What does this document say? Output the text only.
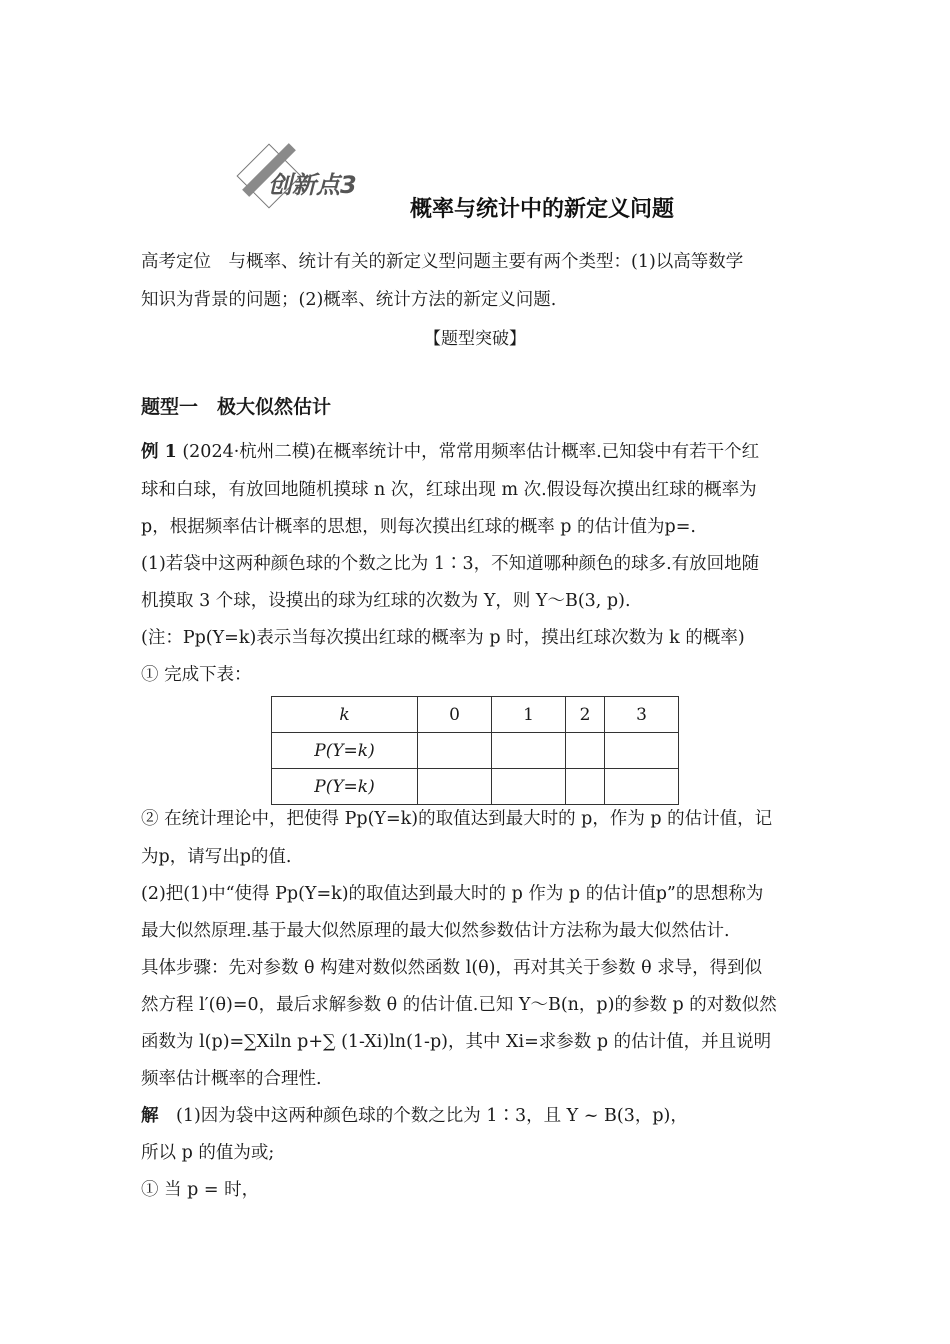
创新点3
概率与统计中的新定义问题
高考定位　与概率、统计有关的新定义型问题主要有两个类型：(1)以高等数学
知识为背景的问题；(2)概率、统计方法的新定义问题.
【题型突破】
题型一　极大似然估计
例 1 (2024·杭州二模)在概率统计中，常常用频率估计概率.已知袋中有若干个红
球和白球，有放回地随机摸球 n 次，红球出现 m 次.假设每次摸出红球的概率为
p，根据频率估计概率的思想，则每次摸出红球的概率 p 的估计值为p=.
(1)若袋中这两种颜色球的个数之比为 1∶3，不知道哪种颜色的球多.有放回地随
机摸取 3 个球，设摸出的球为红球的次数为 Y，则 Y～B(3, p).
(注：Pp(Y=k)表示当每次摸出红球的概率为 p 时，摸出红球次数为 k 的概率)
① 完成下表：
k	0	1	2	3
P(Y=k)				
P(Y=k)				
② 在统计理论中，把使得 Pp(Y=k)的取值达到最大时的 p，作为 p 的估计值，记
为p，请写出p的值.
(2)把(1)中“使得 Pp(Y=k)的取值达到最大时的 p 作为 p 的估计值p”的思想称为
最大似然原理.基于最大似然原理的最大似然参数估计方法称为最大似然估计.
具体步骤：先对参数 θ 构建对数似然函数 l(θ)，再对其关于参数 θ 求导，得到似
然方程 l′(θ)=0，最后求解参数 θ 的估计值.已知 Y～B(n，p)的参数 p 的对数似然
函数为 l(p)=∑Xiln p+∑ (1-Xi)ln(1-p)，其中 Xi=求参数 p 的估计值，并且说明
频率估计概率的合理性.
解　(1)因为袋中这两种颜色球的个数之比为 1∶3，且 Y ~ B(3，p)，
所以 p 的值为或;
① 当 p = 时，
